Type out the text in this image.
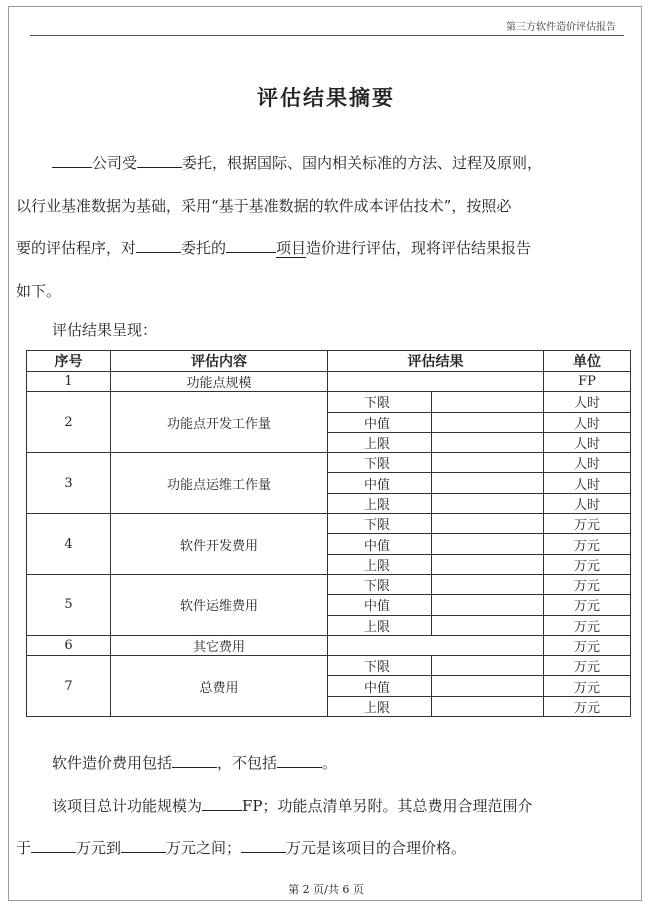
第三方软件造价评估报告
评估结果摘要
公司受	委托，根据国际、国内相关标准的方法、过程及原则，
以行业基准数据为基础，采用“基于基准数据的软件成本评估技术”，按照必
要的评估程序，对	委托的	项目造价进行评估，现将评估结果报告
如下。
评估结果呈现：
序号	评估内容	评估结果		单位
1	功能点规模			FP
2	功能点开发工作量	下限		人时
		中值		人时
		上限		人时
3	功能点运维工作量	下限		人时
		中值		人时
		上限		人时
4	软件开发费用	下限		万元
		中值		万元
		上限		万元
5	软件运维费用	下限		万元
		中值		万元
		上限		万元
6	其它费用			万元
7	总费用	下限		万元
		中值		万元
		上限		万元
软件造价费用包括	，不包括	。
该项目总计功能规模为	FP；功能点清单另附。其总费用合理范围介
于	万元到	万元之间；	万元是该项目的合理价格。
第 2 页/共 6 页
